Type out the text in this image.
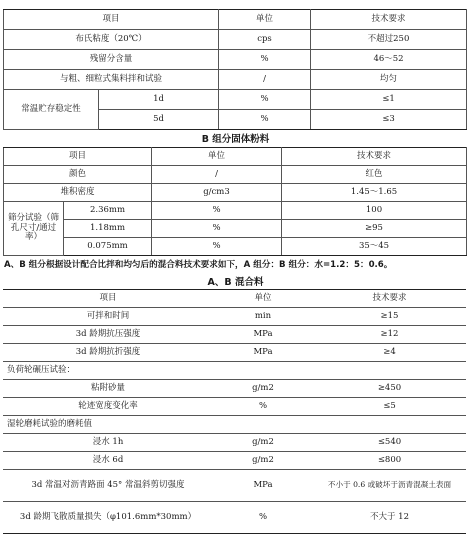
项目		单位	技术要求
布氏粘度（20℃）		cps	不超过250
残留分含量		%	46～52
与粗、细粒式集料拌和试验		/	均匀
常温贮存稳定性	1d	%	≤1
	5d	%	≤3
B 组分固体粉料
项目		单位	技术要求
颜色		/	红色
堆积密度		g/cm3	1.45～1.65
筛分试验（筛孔尺寸/通过率）	2.36mm	%	100
	1.18mm	%	≥95
	0.075mm	%	35～45
A、B 组分根据设计配合比拌和均匀后的混合料技术要求如下，A 组分：B 组分：水=1.2：5：0.6。
A、B 混合料
项目	单位	技术要求
可拌和时间	min	≥15
3d 龄期抗压强度	MPa	≥12
3d 龄期抗折强度	MPa	≥4
负荷轮碾压试验：		
粘附砂量	g/m2	≥450
轮迹宽度变化率	%	≤5
湿轮磨耗试验的磨耗值		
浸水 1h	g/m2	≤540
浸水 6d	g/m2	≤800
3d 常温对沥青路面 45° 常温斜剪切强度	MPa	不小于 0.6 或破坏于沥青混凝土表面
3d 龄期飞散质量损失（φ101.6mm*30mm）	%	不大于 12
